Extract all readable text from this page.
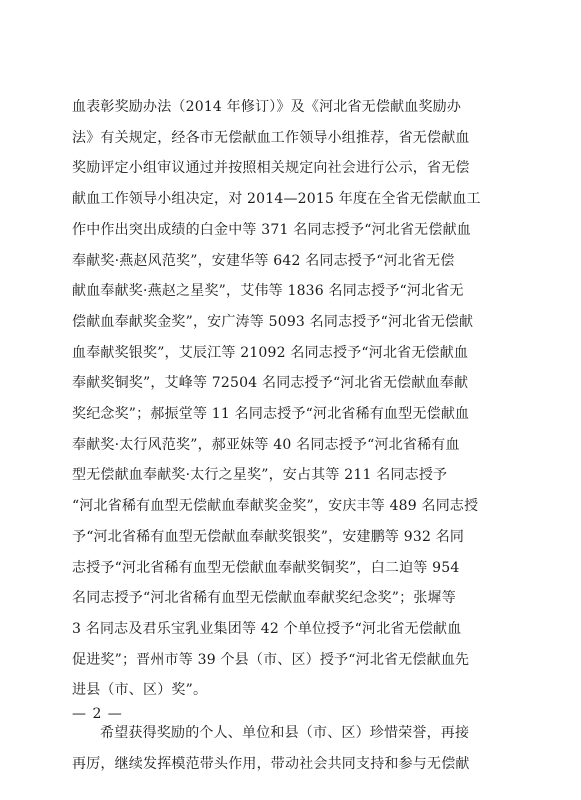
血表彰奖励办法（2014 年修订）》及《河北省无偿献血奖励办

法》有关规定，经各市无偿献血工作领导小组推荐，省无偿献血

奖励评定小组审议通过并按照相关规定向社会进行公示，省无偿

献血工作领导小组决定，对 2014—2015 年度在全省无偿献血工

作中作出突出成绩的白金中等 371 名同志授予“河北省无偿献血

奉献奖·燕赵风范奖”，安建华等 642 名同志授予“河北省无偿

献血奉献奖·燕赵之星奖”，艾伟等 1836 名同志授予“河北省无

偿献血奉献奖金奖”，安广涛等 5093 名同志授予“河北省无偿献

血奉献奖银奖”，艾辰江等 21092 名同志授予“河北省无偿献血

奉献奖铜奖”，艾峰等 72504 名同志授予“河北省无偿献血奉献

奖纪念奖”；郝振堂等 11 名同志授予“河北省稀有血型无偿献血

奉献奖·太行风范奖”，郝亚妹等 40 名同志授予“河北省稀有血

型无偿献血奉献奖·太行之星奖”，安占其等 211 名同志授予

“河北省稀有血型无偿献血奉献奖金奖”，安庆丰等 489 名同志授

予“河北省稀有血型无偿献血奉献奖银奖”，安建鹏等 932 名同

志授予“河北省稀有血型无偿献血奉献奖铜奖”，白二迫等 954

名同志授予“河北省稀有血型无偿献血奉献奖纪念奖”；张墀等

3 名同志及君乐宝乳业集团等 42 个单位授予“河北省无偿献血

促进奖”；晋州市等 39 个县（市、区）授予“河北省无偿献血先

进县（市、区）奖”。

希望获得奖励的个人、单位和县（市、区）珍惜荣誉，再接

再厉，继续发挥模范带头作用，带动社会共同支持和参与无偿献

— 2 —
